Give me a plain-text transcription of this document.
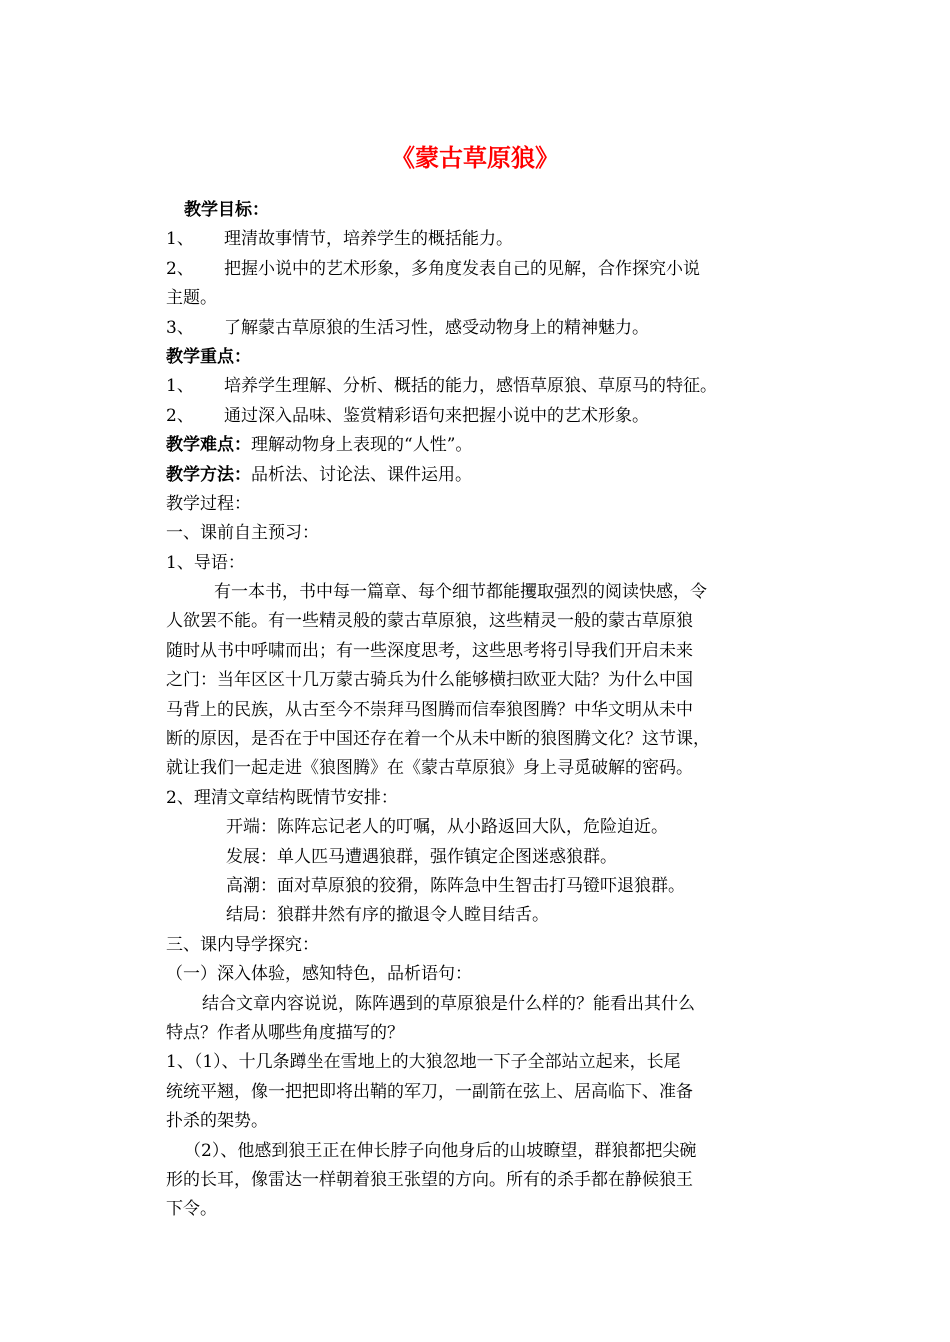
《蒙古草原狼》
教学目标：
1、 理清故事情节，培养学生的概括能力。
2、 把握小说中的艺术形象，多角度发表自己的见解，合作探究小说
主题。
3、 了解蒙古草原狼的生活习性，感受动物身上的精神魅力。
教学重点：
1、 培养学生理解、分析、概括的能力，感悟草原狼、草原马的特征。
2、 通过深入品味、鉴赏精彩语句来把握小说中的艺术形象。
教学难点：理解动物身上表现的“人性”。
教学方法：品析法、讨论法、课件运用。
教学过程：
一、课前自主预习：
1、导语：
有一本书，书中每一篇章、每个细节都能攫取强烈的阅读快感，令
人欲罢不能。有一些精灵般的蒙古草原狼，这些精灵一般的蒙古草原狼
随时从书中呼啸而出；有一些深度思考，这些思考将引导我们开启未来
之门：当年区区十几万蒙古骑兵为什么能够横扫欧亚大陆？为什么中国
马背上的民族，从古至今不崇拜马图腾而信奉狼图腾？中华文明从未中
断的原因，是否在于中国还存在着一个从未中断的狼图腾文化？这节课，
就让我们一起走进《狼图腾》在《蒙古草原狼》身上寻觅破解的密码。
2、理清文章结构既情节安排：
开端：陈阵忘记老人的叮嘱，从小路返回大队，危险迫近。
发展：单人匹马遭遇狼群，强作镇定企图迷惑狼群。
高潮：面对草原狼的狡猾，陈阵急中生智击打马镫吓退狼群。
结局：狼群井然有序的撤退令人瞠目结舌。
三、课内导学探究：
（一）深入体验，感知特色，品析语句：
结合文章内容说说，陈阵遇到的草原狼是什么样的？能看出其什么
特点？作者从哪些角度描写的？
1、（1）、十几条蹲坐在雪地上的大狼忽地一下子全部站立起来，长尾
统统平翘，像一把把即将出鞘的军刀，一副箭在弦上、居高临下、准备
扑杀的架势。
（2）、他感到狼王正在伸长脖子向他身后的山坡瞭望，群狼都把尖碗
形的长耳，像雷达一样朝着狼王张望的方向。所有的杀手都在静候狼王
下令。
